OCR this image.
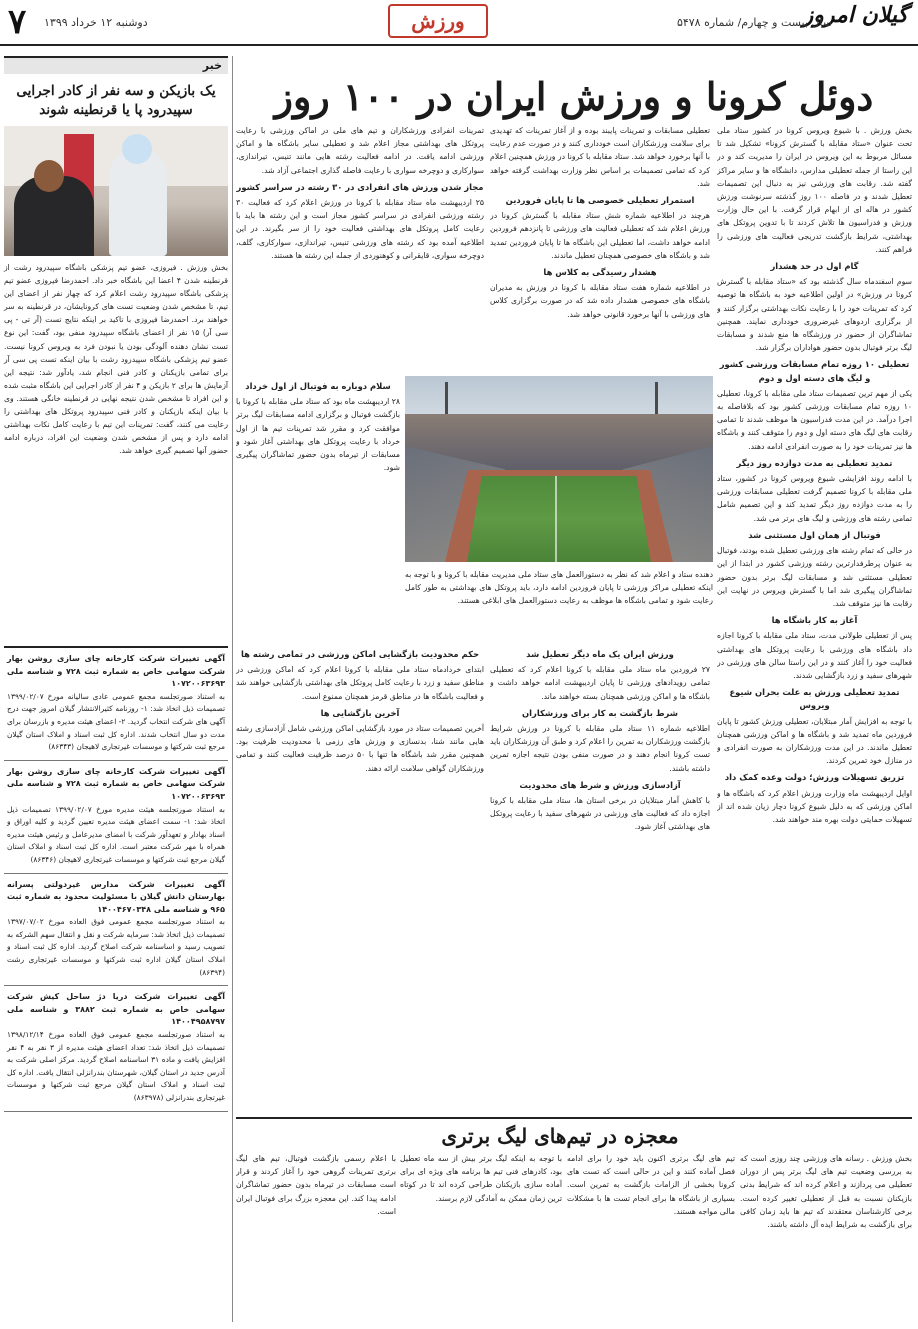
۷ دوشنبه ۱۲ خرداد ۱۳۹۹	ورزش	گیلان امروز
سال بیست و چهارم/ شماره ۵۴۷۸
خبر
یک بازیکن و سه نفر از کادر اجرایی سپیدرود پا یا قرنطینه شوند
بخش ورزش . فیروزی، عضو تیم پزشکی باشگاه سپیدرود رشت از قرنطینه شدن ۴ اعضا این باشگاه خبر داد. احمدرضا فیروزی عضو تیم پزشکی باشگاه سپیدرود رشت اعلام کرد که چهار نفر از اعضای این تیم، تا مشخص شدن وضعیت تست های کرونایشان، در قرنطینه به سر خواهند برد. احمدرضا فیروزی با تاکید بر اینکه نتایج تست (آر تی - پی سی آر) ۱۵ نفر از اعضای باشگاه سپیدرود منفی بود، گفت: این نوع تست نشان دهنده آلودگی بودن یا نبودن فرد به ویروس کرونا نیست. عضو تیم پزشکی باشگاه سپیدرود رشت با بیان اینکه تست پی سی آر برای تمامی بازیکنان و کادر فنی انجام شد، یادآور شد: نتیجه این آزمایش ها برای ۲ بازیکن و ۴ نفر از کادر اجرایی این باشگاه مثبت شده و این افراد تا مشخص شدن نتیجه نهایی در قرنطینه خانگی هستند. وی با بیان اینکه بازیکنان و کادر فنی سپیدرود پروتکل های بهداشتی را رعایت می کنند، گفت: تمرینات این تیم با رعایت کامل نکات بهداشتی ادامه دارد و پس از مشخص شدن وضعیت این افراد، درباره ادامه حضور آنها تصمیم گیری خواهد شد.
آگهی تغییرات شرکت کارخانه چای سازی روشن بهار شرکت سهامی خاص به شماره ثبت ۷۲۸ و شناسه ملی ۱۰۷۲۰۰۶۳۶۹۳
به استناد صورتجلسه مجمع عمومی عادی سالیانه مورخ ۱۳۹۹/۰۲/۰۷ تصمیمات ذیل اتخاذ شد: ۱- روزنامه کثیرالانتشار گیلان امروز جهت درج آگهی های شرکت انتخاب گردید. ۲- اعضای هیئت مدیره و بازرسان برای مدت دو سال انتخاب شدند. اداره کل ثبت اسناد و املاک استان گیلان مرجع ثبت شرکتها و موسسات غیرتجاری لاهیجان (۸۶۳۴۳)
آگهی تغییرات شرکت کارخانه چای سازی روشن بهار شرکت سهامی خاص به شماره ثبت ۷۲۸ و شناسه ملی ۱۰۷۲۰۰۶۳۶۹۳
به استناد صورتجلسه هیئت مدیره مورخ ۱۳۹۹/۰۲/۰۷ تصمیمات ذیل اتخاذ شد: ۱- سمت اعضای هیئت مدیره تعیین گردید و کلیه اوراق و اسناد بهادار و تعهدآور شرکت با امضای مدیرعامل و رئیس هیئت مدیره همراه با مهر شرکت معتبر است. اداره کل ثبت اسناد و املاک استان گیلان مرجع ثبت شرکتها و موسسات غیرتجاری لاهیجان (۸۶۳۴۶)
آگهی تغییرات شرکت مدارس غیردولتی پسرانه بهارستان دانش گیلان با مسئولیت محدود به شماره ثبت ۹۶۵ و شناسه ملی ۱۴۰۰۴۶۷۰۳۴۸
به استناد صورتجلسه مجمع عمومی فوق العاده مورخ ۱۳۹۷/۰۷/۰۲ تصمیمات ذیل اتخاذ شد: سرمایه شرکت و نقل و انتقال سهم الشرکه به تصویب رسید و اساسنامه شرکت اصلاح گردید. اداره کل ثبت اسناد و املاک استان گیلان اداره ثبت شرکتها و موسسات غیرتجاری رشت (۸۶۳۹۴)
آگهی تغییرات شرکت دریا دژ ساحل کیش شرکت سهامی خاص به شماره ثبت ۳۸۸۲ و شناسه ملی ۱۴۰۰۴۹۵۸۷۹۷
به استناد صورتجلسه مجمع عمومی فوق العاده مورخ ۱۳۹۸/۱۲/۱۴ تصمیمات ذیل اتخاذ شد: تعداد اعضای هیئت مدیره از ۳ نفر به ۴ نفر افزایش یافت و ماده ۳۱ اساسنامه اصلاح گردید. مرکز اصلی شرکت به آدرس جدید در استان گیلان، شهرستان بندرانزلی انتقال یافت. اداره کل ثبت اسناد و املاک استان گیلان مرجع ثبت شرکتها و موسسات غیرتجاری بندرانزلی (۸۶۳۹۷۸)
دوئل کرونا و ورزش ایران در ۱۰۰ روز
بخش ورزش . با شیوع ویروس کرونا در کشور ستاد ملی تحت عنوان «ستاد مقابله با گسترش کرونا» تشکیل شد تا مسائل مربوط به این ویروس در ایران را مدیریت کند و در این راستا از جمله تعطیلی مدارس، دانشگاه ها و سایر مراکز گفته شد. رقابت های ورزشی نیز به دنبال این تصمیمات تعطیل شدند و در فاصله ۱۰۰ روز گذشته سرنوشت ورزش کشور در هاله ای از ابهام قرار گرفت. با این حال وزارت ورزش و فدراسیون ها تلاش کردند تا با تدوین پروتکل های بهداشتی، شرایط بازگشت تدریجی فعالیت های ورزشی را فراهم کنند.
گام اول در حد هشدار
سوم اسفندماه سال گذشته بود که «ستاد مقابله با گسترش کرونا در ورزش» در اولین اطلاعیه خود به باشگاه ها توصیه کرد که تمرینات خود را با رعایت نکات بهداشتی برگزار کنند و از برگزاری اردوهای غیرضروری خودداری نمایند. همچنین تماشاگران از حضور در ورزشگاه ها منع شدند و مسابقات لیگ برتر فوتبال بدون حضور هواداران برگزار شد.
تعطیلی ۱۰ روزه تمام مسابقات ورزشی کشور و لیگ های دسته اول و دوم
یکی از مهم ترین تصمیمات ستاد ملی مقابله با کرونا، تعطیلی ۱۰ روزه تمام مسابقات ورزشی کشور بود که بلافاصله به اجرا درآمد. در این مدت فدراسیون ها موظف شدند تا تمامی رقابت های لیگ های دسته اول و دوم را متوقف کنند و باشگاه ها نیز تمرینات خود را به صورت انفرادی ادامه دهند.
تمدید تعطیلی به مدت دوازده روز دیگر
با ادامه روند افزایشی شیوع ویروس کرونا در کشور، ستاد ملی مقابله با کرونا تصمیم گرفت تعطیلی مسابقات ورزشی را به مدت دوازده روز دیگر تمدید کند و این تصمیم شامل تمامی رشته های ورزشی و لیگ های برتر می شد.
فوتبال از همان اول مستثنی شد
در حالی که تمام رشته های ورزشی تعطیل شده بودند، فوتبال به عنوان پرطرفدارترین رشته ورزشی کشور در ابتدا از این تعطیلی مستثنی شد و مسابقات لیگ برتر بدون حضور تماشاگران پیگیری شد اما با گسترش ویروس در نهایت این رقابت ها نیز متوقف شد.
آغاز به کار باشگاه ها
پس از تعطیلی طولانی مدت، ستاد ملی مقابله با کرونا اجازه داد باشگاه های ورزشی با رعایت پروتکل های بهداشتی فعالیت خود را آغاز کنند و در این راستا سالن های ورزشی در شهرهای سفید و زرد بازگشایی شدند.
تمدید تعطیلی ورزش به علت بحران شیوع ویروس
با توجه به افزایش آمار مبتلایان، تعطیلی ورزش کشور تا پایان فروردین ماه تمدید شد و باشگاه ها و اماکن ورزشی همچنان تعطیل ماندند. در این مدت ورزشکاران به صورت انفرادی و در منازل خود تمرین کردند.
تزریق تسهیلات ورزش؛ دولت وعده کمک داد
اوایل اردیبهشت ماه وزارت ورزش اعلام کرد که باشگاه ها و اماکن ورزشی که به دلیل شیوع کرونا دچار زیان شده اند از تسهیلات حمایتی دولت بهره مند خواهند شد.
تعطیلی مسابقات و تمرینات پایبند بوده و از آغاز تمرینات که تهدیدی برای سلامت ورزشکاران است خودداری کنند و در صورت عدم رعایت با آنها برخورد خواهد شد. ستاد مقابله با کرونا در ورزش همچنین اعلام کرد که تمامی تصمیمات بر اساس نظر وزارت بهداشت گرفته خواهد شد.
استمرار تعطیلی خصوصی ها تا پایان فروردین
هرچند در اطلاعیه شماره شش ستاد مقابله با گسترش کرونا در ورزش اعلام شد که تعطیلی فعالیت های ورزشی تا پانزدهم فروردین ادامه خواهد داشت، اما تعطیلی این باشگاه ها تا پایان فروردین تمدید شد و باشگاه های خصوصی همچنان تعطیل ماندند.
هشدار رسیدگی به کلاس ها
در اطلاعیه شماره هفت ستاد مقابله با کرونا در ورزش به مدیران باشگاه های خصوصی هشدار داده شد که در صورت برگزاری کلاس های ورزشی با آنها برخورد قانونی خواهد شد.
تمرینات انفرادی ورزشکاران و تیم های ملی در اماکن ورزشی با رعایت پروتکل های بهداشتی مجاز اعلام شد و تعطیلی سایر باشگاه ها و اماکن ورزشی ادامه یافت. در ادامه فعالیت رشته هایی مانند تنیس، تیراندازی، سوارکاری و دوچرخه سواری با رعایت فاصله گذاری اجتماعی آزاد شد.
مجاز شدن ورزش های انفرادی در ۳۰ رشته در سراسر کشور
۲۵ اردیبهشت ماه ستاد مقابله با کرونا در ورزش اعلام کرد که فعالیت ۳۰ رشته ورزشی انفرادی در سراسر کشور مجاز است و این رشته ها باید با رعایت کامل پروتکل های بهداشتی فعالیت خود را از سر بگیرند. در این اطلاعیه آمده بود که رشته های ورزشی تنیس، تیراندازی، سوارکاری، گلف، دوچرخه سواری، قایقرانی و کوهنوردی از جمله این رشته ها هستند.
سلام دوباره به فوتبال از اول خرداد
۲۸ اردیبهشت ماه بود که ستاد ملی مقابله با کرونا با بازگشت فوتبال و برگزاری ادامه مسابقات لیگ برتر موافقت کرد و مقرر شد تمرینات تیم ها از اول خرداد با رعایت پروتکل های بهداشتی آغاز شود و مسابقات از تیرماه بدون حضور تماشاگران پیگیری شود.
دهنده ستاد و اعلام شد که نظر به دستورالعمل های ستاد ملی مدیریت مقابله با کرونا و با توجه به اینکه تعطیلی مراکز ورزشی تا پایان فروردین ادامه دارد، باید پروتکل های بهداشتی به طور کامل رعایت شود و تمامی باشگاه ها موظف به رعایت دستورالعمل های ابلاغی هستند.
ورزش ایران یک ماه دیگر تعطیل شد
۲۷ فروردین ماه ستاد ملی مقابله با کرونا اعلام کرد که تعطیلی تمامی رویدادهای ورزشی تا پایان اردیبهشت ادامه خواهد داشت و باشگاه ها و اماکن ورزشی همچنان بسته خواهند ماند.
شرط بازگشت به کار برای ورزشکاران
اطلاعیه شماره ۱۱ ستاد ملی مقابله با کرونا در ورزش شرایط بازگشت ورزشکاران به تمرین را اعلام کرد و طبق آن ورزشکاران باید تست کرونا انجام دهند و در صورت منفی بودن نتیجه اجازه تمرین داشته باشند.
آزادسازی ورزش و شرط های محدودیت
با کاهش آمار مبتلایان در برخی استان ها، ستاد ملی مقابله با کرونا اجازه داد که فعالیت های ورزشی در شهرهای سفید با رعایت پروتکل های بهداشتی آغاز شود.
حکم محدودیت بازگشایی اماکن ورزشی در تمامی رشته ها
ابتدای خردادماه ستاد ملی مقابله با کرونا اعلام کرد که اماکن ورزشی در مناطق سفید و زرد با رعایت کامل پروتکل های بهداشتی بازگشایی خواهند شد و فعالیت باشگاه ها در مناطق قرمز همچنان ممنوع است.
آخرین بازگشایی ها
آخرین تصمیمات ستاد در مورد بازگشایی اماکن ورزشی شامل آزادسازی رشته هایی مانند شنا، بدنسازی و ورزش های رزمی با محدودیت ظرفیت بود. همچنین مقرر شد باشگاه ها تنها با ۵۰ درصد ظرفیت فعالیت کنند و تمامی ورزشکاران گواهی سلامت ارائه دهند.
معجزه در تیم‌های لیگ برتری
بخش ورزش . رسانه های ورزشی چند روزی است که به بررسی وضعیت تیم های لیگ برتر پس از دوران تعطیلی می پردازند و اعلام کرده اند که شرایط بدنی بازیکنان نسبت به قبل از تعطیلی تغییر کرده است. برخی کارشناسان معتقدند که تیم ها باید زمان کافی برای بازگشت به شرایط ایده آل داشته باشند.
تیم های لیگ برتری اکنون باید خود را برای ادامه فصل آماده کنند و این در حالی است که تست های کرونا بخشی از الزامات بازگشت به تمرین است. بسیاری از باشگاه ها برای انجام تست ها با مشکلات مالی مواجه هستند.
با توجه به اینکه لیگ برتر بیش از سه ماه تعطیل بود، کادرهای فنی تیم ها برنامه های ویژه ای برای آماده سازی بازیکنان طراحی کرده اند تا در کوتاه ترین زمان ممکن به آمادگی لازم برسند.
با اعلام رسمی بازگشت فوتبال، تیم های لیگ برتری تمرینات گروهی خود را آغاز کردند و قرار است مسابقات در تیرماه بدون حضور تماشاگران ادامه پیدا کند. این معجزه بزرگ برای فوتبال ایران است.
